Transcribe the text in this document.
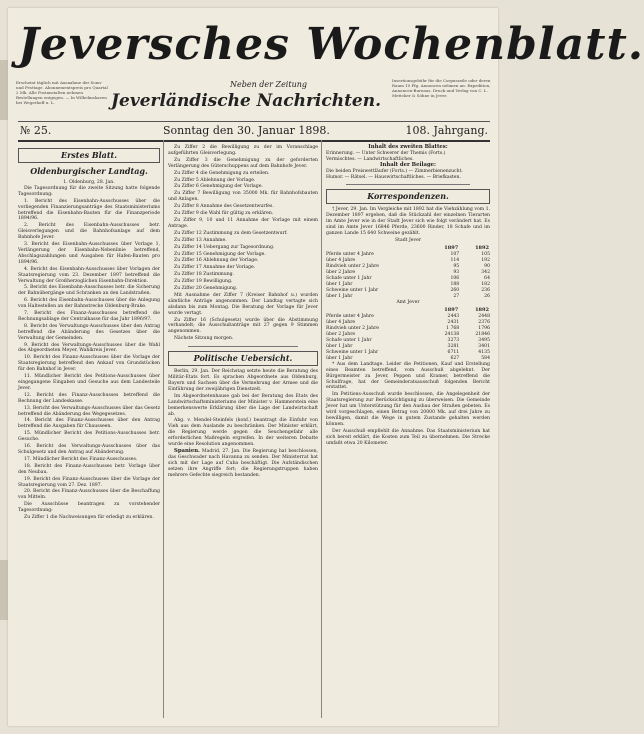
Jeversches Wochenblatt.
Erscheint täglich mit Ausnahme der Sonn- und Festtage. Abonnementspreis pro Quartal 2 Mk. Alle Postanstalten nehmen Bestellungen entgegen. — In Wilhelmshaven bei Wegerhoff u. L.
Neben der Zeitung	Insertionsgebühr für die Corpuszeile oder deren Raum 10 Pfg. Annoncen nehmen an: Expedition, Annoncen-Bureaus. Druck und Verlag von C. L. Mettcker & Söhne in Jever.
Jeverländische Nachrichten.
№ 25.	Sonntag den 30. Januar 1898.	108. Jahrgang.
Erstes Blatt.
Oldenburgischer Landtag.
1. Oldenburg, 28. Jan.

Die Tagesordnung für die zweite Sitzung hatte folgende Tagesordnung:

1. Bericht des Eisenbahn-Ausschusses über die vorliegenden Finanzierungsanträge des Staatsministeriums betreffend die Eisenbahn-Bauten für die Finanzperiode 1894/96.

2. Bericht des Eisenbahn-Ausschusses betr. Gleisverlegungen und die Bahnhofsanlage auf dem Bahnhofe Jever.

3. Bericht des Eisenbahn-Ausschusses über Vorlage 1, Verlängerung der Eisenbahn-Nebenlinie betreffend, Abschlagszahlungen und Ausgaben für Hafen-Bauten pro 1894/96.

4. Bericht des Eisenbahn-Ausschusses über Vorlagen der Staatsregierung vom 23. Dezember 1897 betreffend die Verwaltung der Großherzoglichen Eisenbahn-Direktion.

5. Bericht des Eisenbahn-Ausschusses betr. die Sicherung der Bahnübergänge und Schranken an den Landstraßen.

6. Bericht des Eisenbahn-Ausschusses über die Anlegung von Haltestellen an der Bahnstrecke Oldenburg-Brake.

7. Bericht des Finanz-Ausschusses betreffend die Rechnungsablage der Centralkasse für das Jahr 1896/97.

8. Bericht des Verwaltungs-Ausschusses über den Antrag betreffend die Abänderung des Gesetzes über die Verwaltung der Gemeinden.

9. Bericht des Verwaltungs-Ausschusses über die Wahl des Abgeordneten Meyer, Wahlkreis Jever.

10. Bericht des Finanz-Ausschusses über die Vorlage der Staatsregierung betreffend den Ankauf von Grundstücken für den Bahnhof in Jever.

11. Mündlicher Bericht des Petitions-Ausschusses über eingegangene Eingaben und Gesuche aus dem Landesteile Jever.

12. Bericht des Finanz-Ausschusses betreffend die Rechnung der Landeskasse.

13. Bericht des Verwaltungs-Ausschusses über das Gesetz betreffend die Abänderung des Wegegesetzes.

14. Bericht des Finanz-Ausschusses über den Antrag betreffend die Ausgaben für Chausseen.

15. Mündlicher Bericht des Petitions-Ausschusses betr. Gesuche.

16. Bericht des Verwaltungs-Ausschusses über das Schulgesetz und den Antrag auf Abänderung.

17. Mündlicher Bericht des Finanz-Ausschusses.

18. Bericht des Finanz-Ausschusses betr. Vorlage über den Neubau.

19. Bericht des Finanz-Ausschusses über die Vorlage der Staatsregierung vom 27. Dez. 1897.

20. Bericht des Finanz-Ausschusses über die Beschaffung von Mitteln.

Die Ausschüsse beantragen zu vorstehender Tagesordnung:

Zu Ziffer 1 die Nachweisungen für erledigt zu erklären.

Zu Ziffer 2 die Bewilligung zu der im Voranschlage aufgeführten Gleisverlegung.

Zu Ziffer 3 die Genehmigung zu der geforderten Verlängerung des Güterschuppens auf dem Bahnhofe Jever.

Zu Ziffer 4 die Genehmigung zu erteilen.

Zu Ziffer 5 Ablehnung der Vorlage.

Zu Ziffer 6 Genehmigung der Vorlage.

Zu Ziffer 7 Bewilligung von 35000 Mk. für Bahnhofsbauten und Anlagen.

Zu Ziffer 8 Annahme des Gesetzentwurfes.

Zu Ziffer 9 die Wahl für gültig zu erklären.

Zu Ziffer 9, 10 und 11 Annahme der Vorlage mit einem Antrage.

Zu Ziffer 12 Zustimmung zu dem Gesetzentwurf.

Zu Ziffer 13 Annahme.

Zu Ziffer 14 Uebergang zur Tagesordnung.

Zu Ziffer 15 Genehmigung der Vorlage.

Zu Ziffer 16 Ablehnung der Vorlage.

Zu Ziffer 17 Annahme der Vorlage.

Zu Ziffer 18 Zustimmung.

Zu Ziffer 19 Bewilligung.

Zu Ziffer 20 Genehmigung.

Mit Ausnahme der Ziffer 7 (Kreiser Bahnhof u.) wurden sämtliche Anträge angenommen. Der Landtag vertagte sich alsdann bis zum Montag. Die Beratung der Vorlage für Jever wurde vertagt.

Zu Ziffer 16 (Schulgesetz) wurde über die Abstimmung verhandelt; die Ausschußanträge mit 27 gegen 9 Stimmen angenommen.

Nächste Sitzung morgen.

Politische Uebersicht.

Berlin, 29. Jan. Der Reichstag setzte heute die Beratung des Militär-Etats fort. Es sprachen Abgeordnete aus Oldenburg, Bayern und Sachsen über die Vermehrung der Armee und die Einführung der zweijährigen Dienstzeit.

Im Abgeordnetenhause gab bei der Beratung des Etats des Landwirtschaftsministeriums der Minister v. Hammerstein eine bemerkenswerte Erklärung über die Lage der Landwirtschaft ab.

Abg. v. Mendel-Steinfels (konf.) beantragt die Einfuhr von Vieh aus dem Auslande zu beschränken. Der Minister erklärt, die Regierung werde gegen die Seuchengefahr alle erforderlichen Maßregeln ergreifen. In der weiteren Debatte wurde eine Resolution angenommen.

Spanien. Madrid, 27. Jan. Die Regierung hat beschlossen, das Geschwader nach Havanna zu senden. Der Ministerrat hat sich mit der Lage auf Cuba beschäftigt. Die Aufständischen setzen ihre Angriffe fort; die Regierungstruppen haben mehrere Gefechte siegreich bestanden.

Inhalt des zweiten Blattes:
Erinnerung. — Unter Schwerer der Themis (Forts.)
Vermischtes. — Landwirtschaftliches.
Inhalt der Beilage:
Die beiden Preiswettläufer (Forts.) — Zimmerbienenzucht.
Humor. — Rätsel. — Hauswirtschaftliches. — Briefkasten.
Korrespondenzen.

† Jever, 29. Jan. Im Vergleiche mit 1892 hat die Viehzählung vom 1. Dezember 1897 ergeben, daß die Stückzahl der einzelnen Tierarten im Amte Jever wie in der Stadt Jever sich wie folgt verändert hat. Es sind im Amte Jever 16846 Pferde, 23600 Rinder, 18 Schafe und im ganzen Lande 15 640 Schweine gezählt.

Stadt Jever
	1897	1892
Pferde unter 4 Jahre	107	105
über 4 Jahre	114	192
Rindvieh unter 2 Jahre	95	90
über 2 Jahre	93	342
Schafe unter 1 Jahr	106	64
über 1 Jahr	188	182
Schweine unter 1 Jahr	260	236
über 1 Jahr	27	26
Amt Jever
	1897	1892
Pferde unter 4 Jahre	2443	2448
über 4 Jahre	2431	2376
Rindvieh unter 2 Jahre	1 768	1796
über 2 Jahre	24138	21846
Schafe unter 1 Jahr	3273	3495
über 1 Jahr	3281	3401
Schweine unter 1 Jahr	6711	4135
über 1 Jahr	627	584

* Aus dem Landtage. Leider die Petitionen, Kauf und Erstellung eines Beamten betreffend, vom Ausschuß abgelehnt. Der Bürgermeister zu Jever, Peppen und Kramer, betreffend die Schulfrage, hat der Gemeinderatsausschuß folgenden Bericht erstattet.

Im Petitions-Ausschuß wurde beschlossen, die Angelegenheit der Staatsregierung zur Berücksichtigung zu überweisen. Die Gemeinde Jever hat um Unterstützung für den Ausbau der Straßen gebeten. Es wird vorgeschlagen, einen Betrag von 20000 Mk. auf drei Jahre zu bewilligen, damit die Wege in gutem Zustande gehalten werden können.

Der Ausschuß empfiehlt die Annahme. Das Staatsministerium hat sich bereit erklärt, die Kosten zum Teil zu übernehmen. Die Strecke umfaßt etwa 20 Kilometer.
